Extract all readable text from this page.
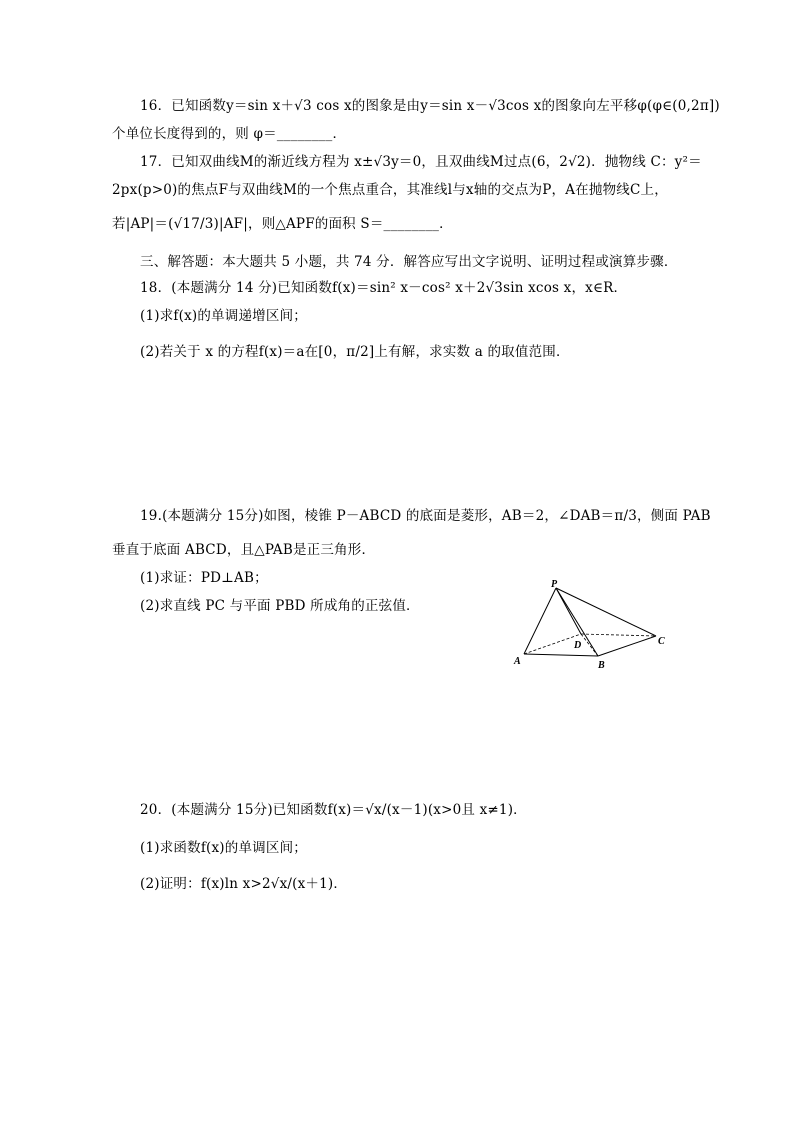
16．已知函数y＝sin x＋√3 cos x的图象是由y＝sin x－√3cos x的图象向左平移φ(φ∈(0,2π])
个单位长度得到的，则 φ＝________．
17．已知双曲线M的渐近线方程为 x±√3y＝0，且双曲线M过点(6，2√2)．抛物线 C：y²＝
2px(p>0)的焦点F与双曲线M的一个焦点重合，其准线l与x轴的交点为P，A在抛物线C上，
若|AP|＝(√17/3)|AF|，则△APF的面积 S＝________．
三、解答题：本大题共 5 小题，共 74 分．解答应写出文字说明、证明过程或演算步骤．
18．(本题满分 14 分)已知函数f(x)＝sin² x－cos² x＋2√3sin xcos x，x∈R．
(1)求f(x)的单调递增区间；
(2)若关于 x 的方程f(x)＝a在[0，π/2]上有解，求实数 a 的取值范围．
19.(本题满分 15分)如图，棱锥 P－ABCD 的底面是菱形，AB＝2，∠DAB＝π/3，侧面 PAB
垂直于底面 ABCD，且△PAB是正三角形．
(1)求证：PD⊥AB；
(2)求直线 PC 与平面 PBD 所成角的正弦值．
P
A	B
C
D
20．(本题满分 15分)已知函数f(x)＝√x/(x－1)(x>0且 x≠1)．
(1)求函数f(x)的单调区间；
(2)证明：f(x)ln x>2√x/(x＋1)．
